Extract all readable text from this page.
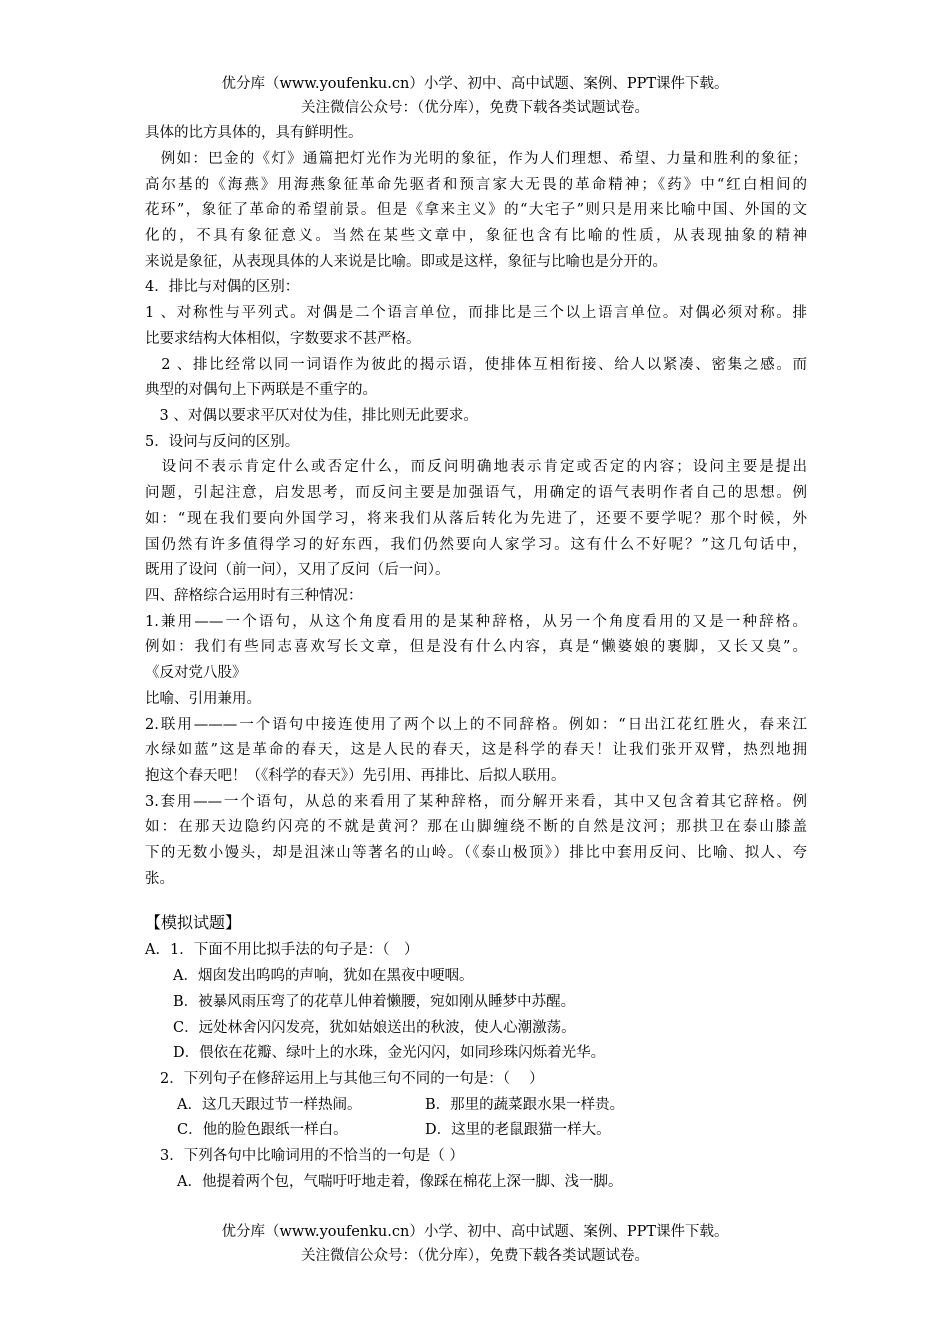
优分库（www.youfenku.cn）小学、初中、高中试题、案例、PPT课件下载。
关注微信公众号：（优分库），免费下载各类试题试卷。
具体的比方具体的，具有鲜明性。
　例如：巴金的《灯》通篇把灯光作为光明的象征，作为人们理想、希望、力量和胜利的象征；
高尔基的《海燕》用海燕象征革命先驱者和预言家大无畏的革命精神；《药》中“红白相间的
花环”，象征了革命的希望前景。但是《拿来主义》的“大宅子”则只是用来比喻中国、外国的文
化的，不具有象征意义。当然在某些文章中，象征也含有比喻的性质，从表现抽象的精神
来说是象征，从表现具体的人来说是比喻。即或是这样，象征与比喻也是分开的。
4．排比与对偶的区别：
1 、对称性与平列式。对偶是二个语言单位，而排比是三个以上语言单位。对偶必须对称。排
比要求结构大体相似，字数要求不甚严格。
　2 、排比经常以同一词语作为彼此的揭示语，使排体互相衔接、给人以紧凑、密集之感。而
典型的对偶句上下两联是不重字的。
　3 、对偶以要求平仄对仗为佳，排比则无此要求。
5．设问与反问的区别。
　设问不表示肯定什么或否定什么，而反问明确地表示肯定或否定的内容；设问主要是提出
问题，引起注意，启发思考，而反问主要是加强语气，用确定的语气表明作者自己的思想。例
如：“现在我们要向外国学习，将来我们从落后转化为先进了，还要不要学呢？那个时候，外
国仍然有许多值得学习的好东西，我们仍然要向人家学习。这有什么不好呢？”这几句话中，
既用了设问（前一问），又用了反问（后一问）。
四、辞格综合运用时有三种情况：
1.兼用——一个语句，从这个角度看用的是某种辞格，从另一个角度看用的又是一种辞格。
例如：我们有些同志喜欢写长文章，但是没有什么内容，真是“懒婆娘的裹脚，又长又臭”。
《反对党八股》
比喻、引用兼用。
2.联用———一个语句中接连使用了两个以上的不同辞格。例如：“日出江花红胜火，春来江
水绿如蓝”这是革命的春天，这是人民的春天，这是科学的春天！让我们张开双臂，热烈地拥
抱这个春天吧！（《科学的春天》）先引用、再排比、后拟人联用。
3.套用——一个语句，从总的来看用了某种辞格，而分解开来看，其中又包含着其它辞格。例
如：在那天边隐约闪亮的不就是黄河？那在山脚缠绕不断的自然是汶河；那拱卫在泰山膝盖
下的无数小馒头，却是沮涞山等著名的山岭。（《泰山极顶》）排比中套用反问、比喻、拟人、夸
张。
【模拟试题】
A．1．下面不用比拟手法的句子是：（　）
A．烟囱发出呜呜的声响，犹如在黑夜中哽咽。
B．被暴风雨压弯了的花草儿伸着懒腰，宛如刚从睡梦中苏醒。
C．远处林舍闪闪发亮，犹如姑娘送出的秋波，使人心潮激荡。
D．偎依在花瓣、绿叶上的水珠，金光闪闪，如同珍珠闪烁着光华。
2．下列句子在修辞运用上与其他三句不同的一句是：（　 ）
A．这几天跟过节一样热闹。	B．那里的蔬菜跟水果一样贵。
C．他的脸色跟纸一样白。	D．这里的老鼠跟猫一样大。
3．下列各句中比喻词用的不恰当的一句是（ ）
A．他提着两个包，气喘吁吁地走着，像踩在棉花上深一脚、浅一脚。
优分库（www.youfenku.cn）小学、初中、高中试题、案例、PPT课件下载。
关注微信公众号：（优分库），免费下载各类试题试卷。
